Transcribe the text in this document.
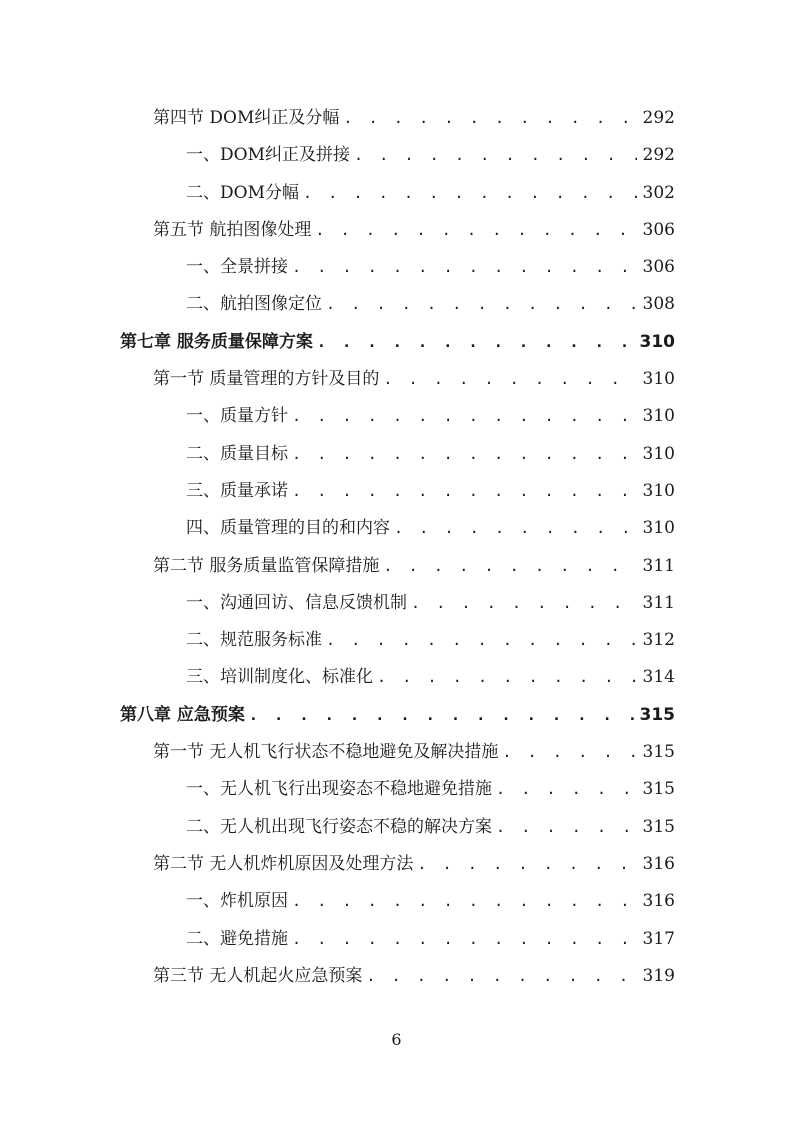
第四节 DOM纠正及分幅 . . .	292
一、DOM纠正及拼接 . . .	292
二、DOM分幅 . . .	302
第五节 航拍图像处理 . . .	306
一、全景拼接 . . .	306
二、航拍图像定位 . . .	308
第七章 服务质量保障方案 . . .	310
第一节 质量管理的方针及目的 . . .	310
一、质量方针 . . .	310
二、质量目标 . . .	310
三、质量承诺 . . .	310
四、质量管理的目的和内容 . . .	310
第二节 服务质量监管保障措施 . . .	311
一、沟通回访、信息反馈机制 . . .	311
二、规范服务标准 . . .	312
三、培训制度化、标准化 . . .	314
第八章 应急预案 . . .	315
第一节 无人机飞行状态不稳地避免及解决措施 . . .	315
一、无人机飞行出现姿态不稳地避免措施 . . .	315
二、无人机出现飞行姿态不稳的解决方案 . . .	315
第二节 无人机炸机原因及处理方法 . . .	316
一、炸机原因 . . .	316
二、避免措施 . . .	317
第三节 无人机起火应急预案 . . .	319
6
